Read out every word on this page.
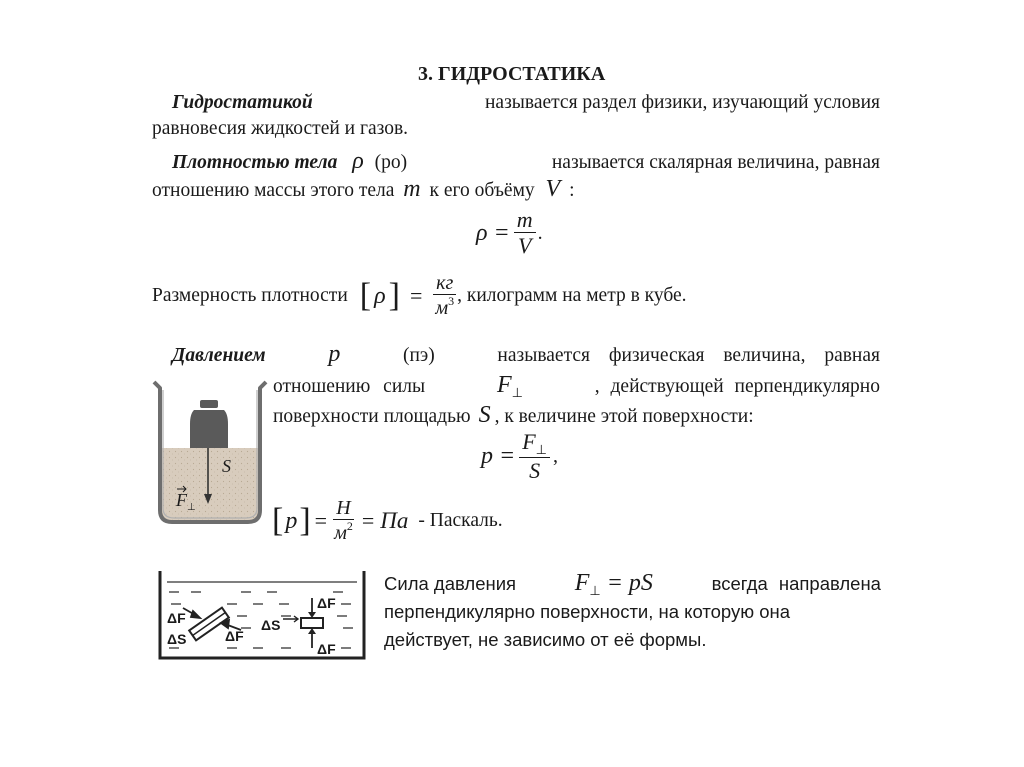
3. ГИДРОСТАТИКА
Гидростатикой	называется раздел физики, изучающий условия
равновесия жидкостей и газов.
Плотностью тела ρ (ро)	называется скалярная величина, равная
отношению массы этого тела m к его объёму V :
$\rho = \frac{m}{V}$ .
Размерность плотности [ ρ ] = $\frac{кг}{м^3}$ , килограмм на метр в кубе.
Давлением	p	(пэ)	называется физическая величина, равная
отношению силы	$F_\perp$	, действующей перпендикулярно
поверхности площадью S , к величине этой поверхности:
$p = \frac{F_\perp}{S}$ ,
[ p ] = $\frac{Н}{м^2}$ = Па - Паскаль.
S
F ⊥
ΔF
ΔS	ΔF
ΔS
ΔF
ΔF
Сила давления $F_\perp$ = pS	всегда направлена
перпендикулярно поверхности, на которую она
действует, не зависимо от её формы.
